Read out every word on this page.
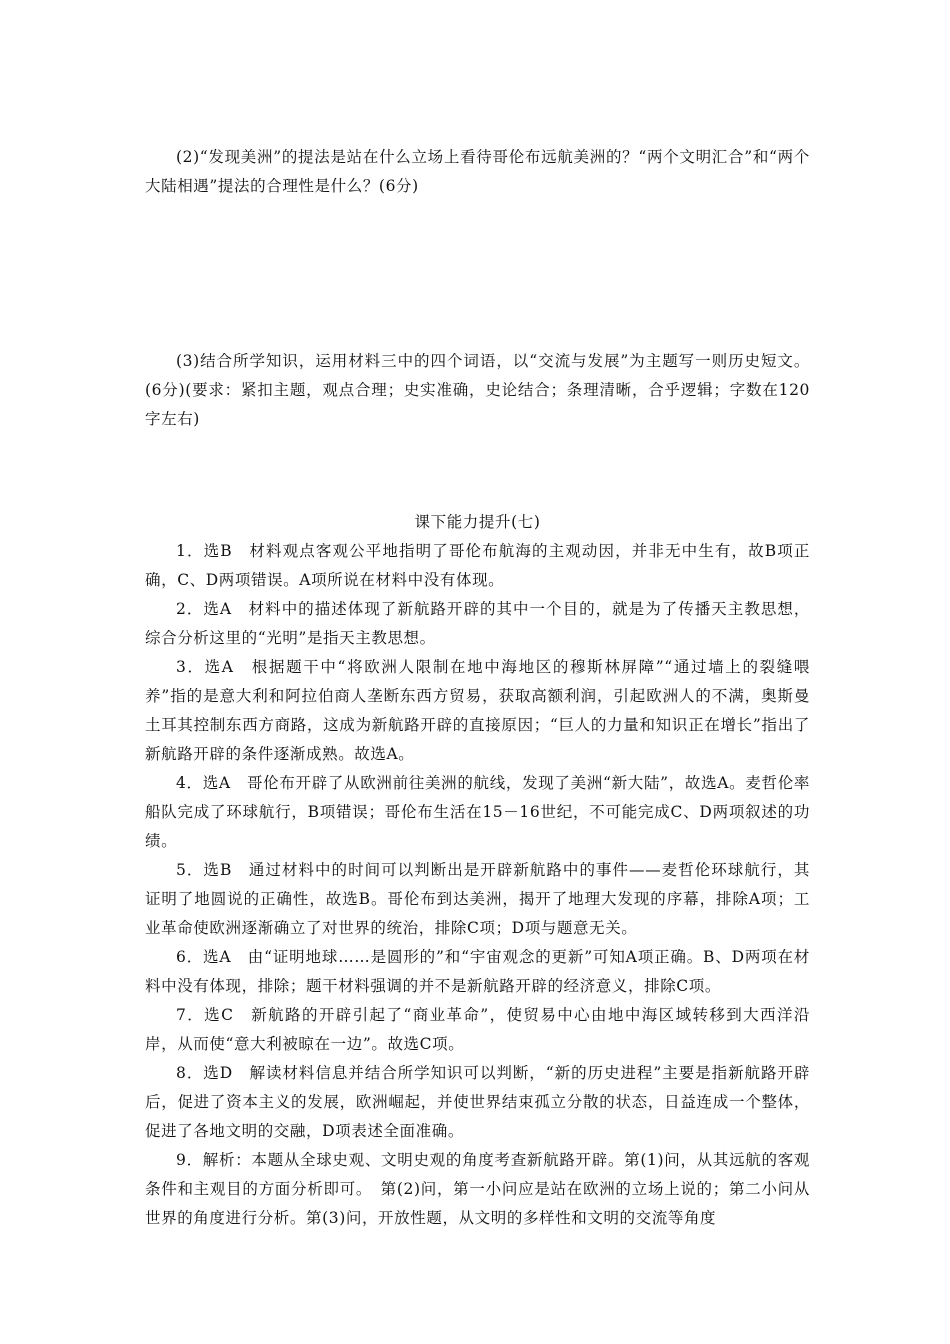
(2)“发现美洲”的提法是站在什么立场上看待哥伦布远航美洲的？“两个文明汇合”和“两个大陆相遇”提法的合理性是什么？(6分)

(3)结合所学知识，运用材料三中的四个词语，以“交流与发展”为主题写一则历史短文。(6分)(要求：紧扣主题，观点合理；史实准确，史论结合；条理清晰，合乎逻辑；字数在120字左右)

课下能力提升(七)

1．选B　材料观点客观公平地指明了哥伦布航海的主观动因，并非无中生有，故B项正确，C、D两项错误。A项所说在材料中没有体现。

2．选A　材料中的描述体现了新航路开辟的其中一个目的，就是为了传播天主教思想，综合分析这里的“光明”是指天主教思想。

3．选A　根据题干中“将欧洲人限制在地中海地区的穆斯林屏障”“通过墙上的裂缝喂养”指的是意大利和阿拉伯商人垄断东西方贸易，获取高额利润，引起欧洲人的不满，奥斯曼土耳其控制东西方商路，这成为新航路开辟的直接原因；“巨人的力量和知识正在增长”指出了新航路开辟的条件逐渐成熟。故选A。

4．选A　哥伦布开辟了从欧洲前往美洲的航线，发现了美洲“新大陆”，故选A。麦哲伦率船队完成了环球航行，B项错误；哥伦布生活在15－16世纪，不可能完成C、D两项叙述的功绩。

5．选B　通过材料中的时间可以判断出是开辟新航路中的事件——麦哲伦环球航行，其证明了地圆说的正确性，故选B。哥伦布到达美洲，揭开了地理大发现的序幕，排除A项；工业革命使欧洲逐渐确立了对世界的统治，排除C项；D项与题意无关。

6．选A　由“证明地球……是圆形的”和“宇宙观念的更新”可知A项正确。B、D两项在材料中没有体现，排除；题干材料强调的并不是新航路开辟的经济意义，排除C项。

7．选C　新航路的开辟引起了“商业革命”，使贸易中心由地中海区域转移到大西洋沿岸，从而使“意大利被晾在一边”。故选C项。

8．选D　解读材料信息并结合所学知识可以判断，“新的历史进程”主要是指新航路开辟后，促进了资本主义的发展，欧洲崛起，并使世界结束孤立分散的状态，日益连成一个整体，促进了各地文明的交融，D项表述全面准确。

9．解析：本题从全球史观、文明史观的角度考查新航路开辟。第(1)问，从其远航的客观条件和主观目的方面分析即可。　第(2)问，第一小问应是站在欧洲的立场上说的；第二小问从世界的角度进行分析。第(3)问，开放性题，从文明的多样性和文明的交流等角度
